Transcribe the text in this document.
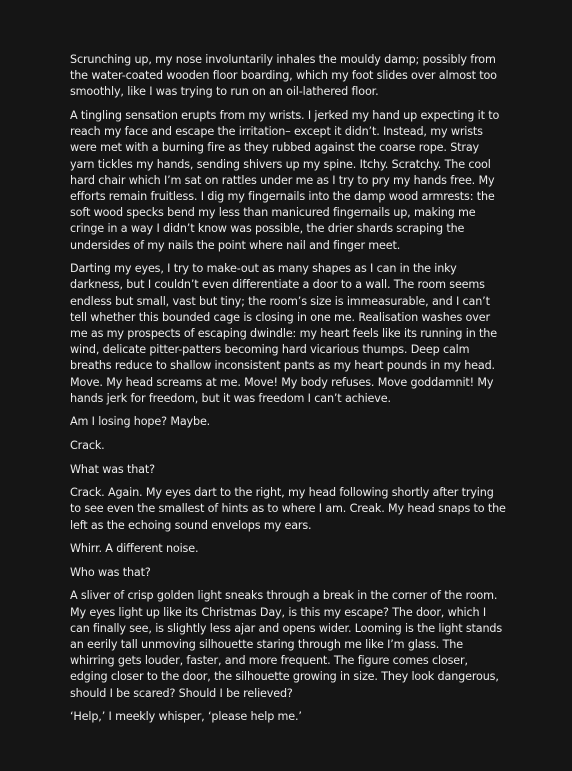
Scrunching up, my nose involuntarily inhales the mouldy damp; possibly from the water-coated wooden floor boarding, which my foot slides over almost too smoothly, like I was trying to run on an oil-lathered floor.

A tingling sensation erupts from my wrists. I jerked my hand up expecting it to reach my face and escape the irritation– except it didn’t. Instead, my wrists were met with a burning fire as they rubbed against the coarse rope. Stray yarn tickles my hands, sending shivers up my spine. Itchy. Scratchy. The cool hard chair which I’m sat on rattles under me as I try to pry my hands free. My efforts remain fruitless. I dig my fingernails into the damp wood armrests: the soft wood specks bend my less than manicured fingernails up, making me cringe in a way I didn’t know was possible, the drier shards scraping the undersides of my nails the point where nail and finger meet.

Darting my eyes, I try to make-out as many shapes as I can in the inky darkness, but I couldn’t even differentiate a door to a wall. The room seems endless but small, vast but tiny; the room’s size is immeasurable, and I can’t tell whether this bounded cage is closing in one me. Realisation washes over me as my prospects of escaping dwindle: my heart feels like its running in the wind, delicate pitter-patters becoming hard vicarious thumps. Deep calm breaths reduce to shallow inconsistent pants as my heart pounds in my head. Move. My head screams at me. Move! My body refuses. Move goddamnit! My hands jerk for freedom, but it was freedom I can’t achieve.

Am I losing hope? Maybe.

Crack.

What was that?

Crack. Again. My eyes dart to the right, my head following shortly after trying to see even the smallest of hints as to where I am. Creak. My head snaps to the left as the echoing sound envelops my ears.

Whirr. A different noise.

Who was that?

A sliver of crisp golden light sneaks through a break in the corner of the room. My eyes light up like its Christmas Day, is this my escape? The door, which I can finally see, is slightly less ajar and opens wider. Looming is the light stands an eerily tall unmoving silhouette staring through me like I’m glass. The whirring gets louder, faster, and more frequent. The figure comes closer, edging closer to the door, the silhouette growing in size. They look dangerous, should I be scared? Should I be relieved?

‘Help,’ I meekly whisper, ‘please help me.’
